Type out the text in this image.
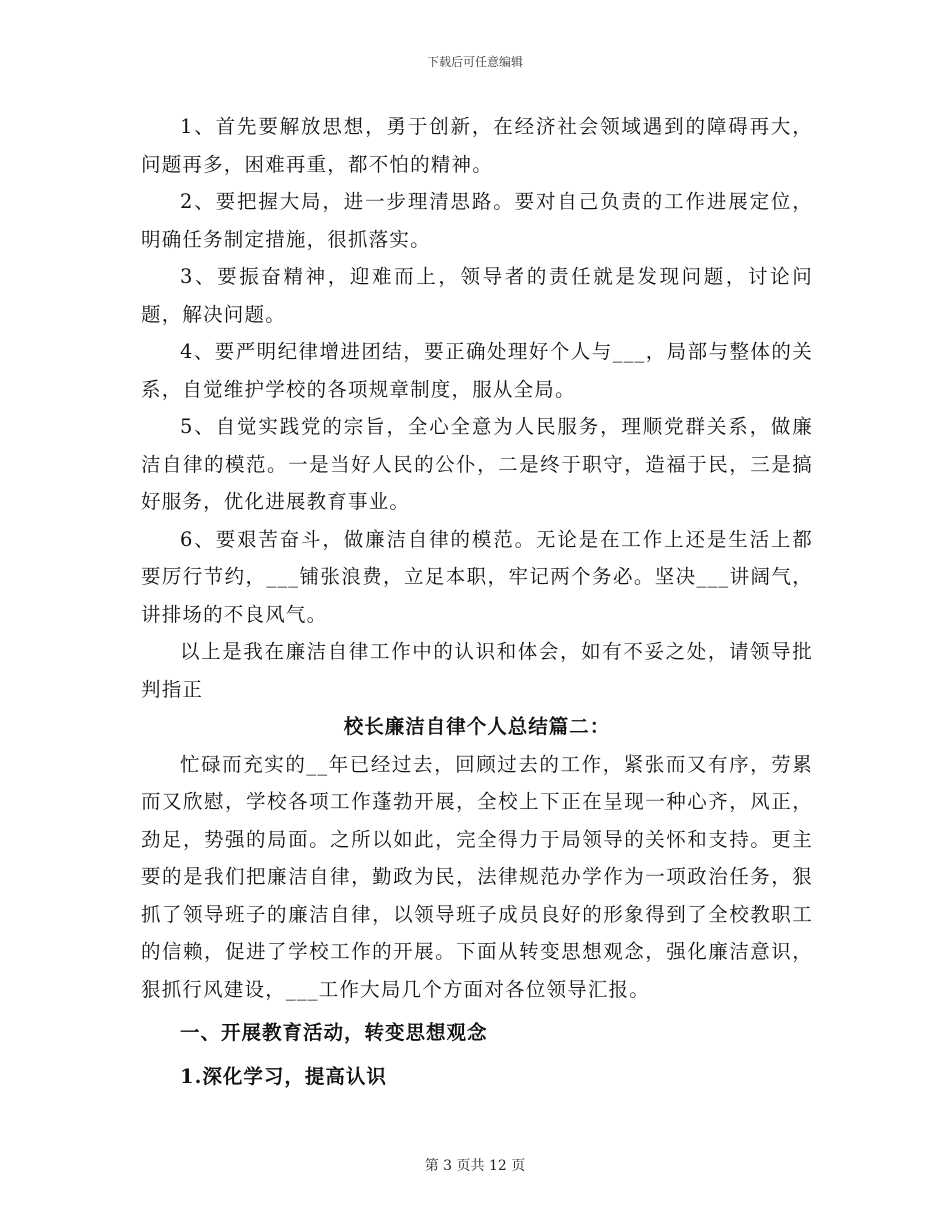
下载后可任意编辑

1、首先要解放思想，勇于创新，在经济社会领域遇到的障碍再大，问题再多，困难再重，都不怕的精神。

2、要把握大局，进一步理清思路。要对自己负责的工作进展定位，明确任务制定措施，很抓落实。

3、要振奋精神，迎难而上，领导者的责任就是发现问题，讨论问题，解决问题。

4、要严明纪律增进团结，要正确处理好个人与___，局部与整体的关系，自觉维护学校的各项规章制度，服从全局。

5、自觉实践党的宗旨，全心全意为人民服务，理顺党群关系，做廉洁自律的模范。一是当好人民的公仆，二是终于职守，造福于民，三是搞好服务，优化进展教育事业。

6、要艰苦奋斗，做廉洁自律的模范。无论是在工作上还是生活上都要厉行节约，___铺张浪费，立足本职，牢记两个务必。坚决___讲阔气，讲排场的不良风气。

以上是我在廉洁自律工作中的认识和体会，如有不妥之处，请领导批判指正

校长廉洁自律个人总结篇二：

忙碌而充实的__年已经过去，回顾过去的工作，紧张而又有序，劳累而又欣慰，学校各项工作蓬勃开展，全校上下正在呈现一种心齐，风正，劲足，势强的局面。之所以如此，完全得力于局领导的关怀和支持。更主要的是我们把廉洁自律，勤政为民，法律规范办学作为一项政治任务，狠抓了领导班子的廉洁自律，以领导班子成员良好的形象得到了全校教职工的信赖，促进了学校工作的开展。下面从转变思想观念，强化廉洁意识，狠抓行风建设，___工作大局几个方面对各位领导汇报。

一、开展教育活动，转变思想观念

1.深化学习，提高认识

第 3 页共 12 页
